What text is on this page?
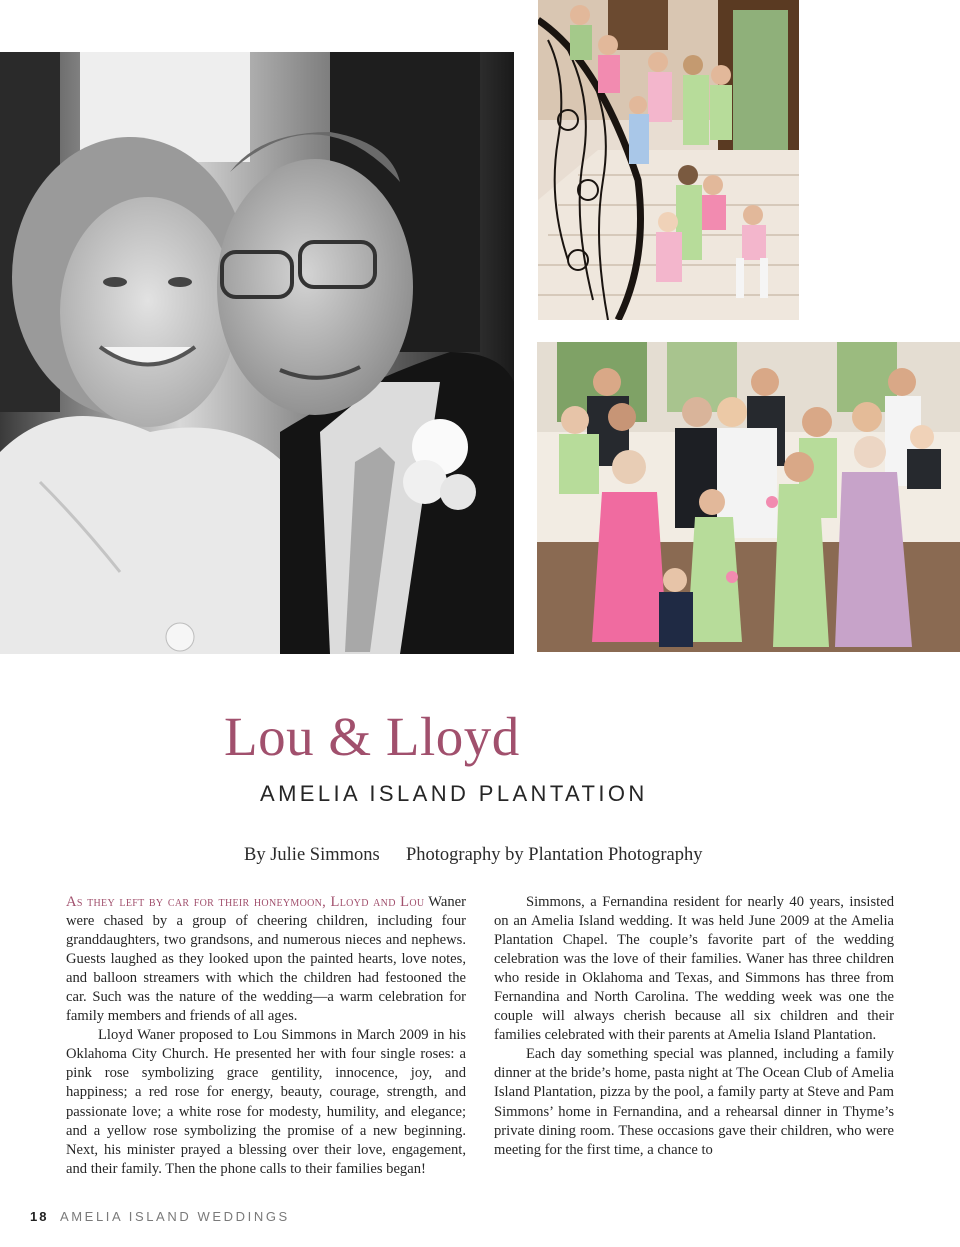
Lou & Lloyd
AMELIA ISLAND PLANTATION
By Julie Simmons Photography by Plantation Photography

As they left by car for their honeymoon, Lloyd and Lou Waner were chased by a group of cheering children, including four granddaughters, two grandsons, and numerous nieces and nephews. Guests laughed as they looked upon the painted hearts, love notes, and balloon streamers with which the children had festooned the car. Such was the nature of the wedding—a warm celebration for family members and friends of all ages.

Lloyd Waner proposed to Lou Simmons in March 2009 in his Oklahoma City Church. He presented her with four single roses: a pink rose symbolizing grace gentility, innocence, joy, and happiness; a red rose for energy, beauty, courage, strength, and passionate love; a white rose for modesty, humility, and elegance; and a yellow rose symbolizing the promise of a new beginning. Next, his minister prayed a blessing over their love, engagement, and their family. Then the phone calls to their families began!

Simmons, a Fernandina resident for nearly 40 years, insisted on an Amelia Island wedding. It was held June 2009 at the Amelia Plantation Chapel. The couple’s favorite part of the wedding celebration was the love of their families. Waner has three children who reside in Oklahoma and Texas, and Simmons has three from Fernandina and North Carolina. The wedding week was one the couple will always cherish because all six children and their families celebrated with their parents at Amelia Island Plantation.

Each day something special was planned, including a family dinner at the bride’s home, pasta night at The Ocean Club of Amelia Island Plantation, pizza by the pool, a family party at Steve and Pam Simmons’ home in Fernandina, and a rehearsal dinner in Thyme’s private dining room. These occasions gave their children, who were meeting for the first time, a chance to

18 AMELIA ISLAND WEDDINGS
